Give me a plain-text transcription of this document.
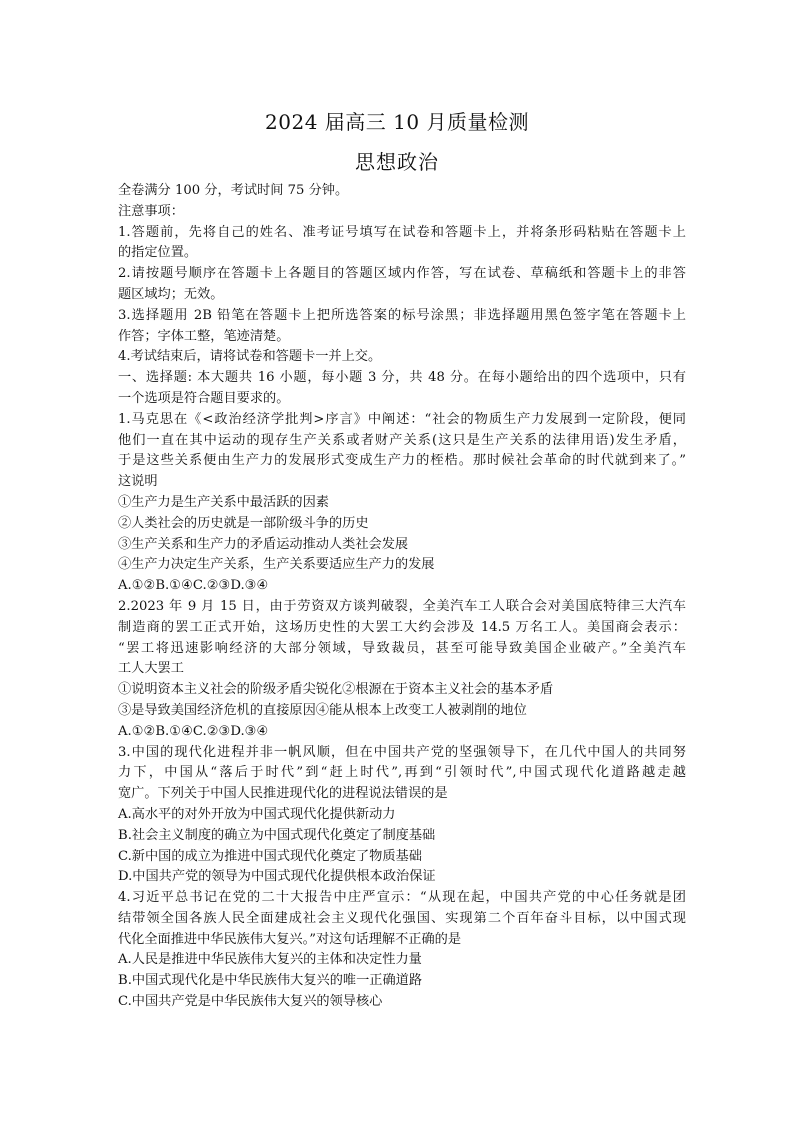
2024 届高三 10 月质量检测
思想政治
全卷满分 100 分，考试时间 75 分钟。
注意事项：
1.答题前，先将自己的姓名、准考证号填写在试卷和答题卡上，并将条形码粘贴在答题卡上
的指定位置。
2.请按题号顺序在答题卡上各题目的答题区域内作答，写在试卷、草稿纸和答题卡上的非答
题区域均；无效。
3.选择题用 2B 铅笔在答题卡上把所选答案的标号涂黑；非选择题用黑色签字笔在答题卡上
作答；字体工整，笔迹清楚。
4.考试结束后，请将试卷和答题卡一并上交。
一、选择题: 本大题共 16 小题，每小题 3 分，共 48 分。在每小题给出的四个选项中，只有
一个选项是符合题目要求的。
1.马克思在《<政治经济学批判>序言》中阐述：“社会的物质生产力发展到一定阶段，便同
他们一直在其中运动的现存生产关系或者财产关系(这只是生产关系的法律用语)发生矛盾，
于是这些关系便由生产力的发展形式变成生产力的桎梏。那时候社会革命的时代就到来了。”
这说明
①生产力是生产关系中最活跃的因素
②人类社会的历史就是一部阶级斗争的历史
③生产关系和生产力的矛盾运动推动人类社会发展
④生产力决定生产关系，生产关系要适应生产力的发展
A.①②B.①④C.②③D.③④
2.2023 年 9 月 15 日，由于劳资双方谈判破裂，全美汽车工人联合会对美国底特律三大汽车
制造商的罢工正式开始，这场历史性的大罢工大约会涉及 14.5 万名工人。美国商会表示：
“罢工将迅速影响经济的大部分领域，导致裁员，甚至可能导致美国企业破产。”全美汽车
工人大罢工
①说明资本主义社会的阶级矛盾尖锐化②根源在于资本主义社会的基本矛盾
③是导致美国经济危机的直接原因④能从根本上改变工人被剥削的地位
A.①②B.①④C.②③D.③④
3.中国的现代化进程并非一帆风顺，但在中国共产党的坚强领导下，在几代中国人的共同努
力下，中国从“落后于时代”到“赶上时代”,再到“引领时代”,中国式现代化道路越走越
宽广。下列关于中国人民推进现代化的进程说法错误的是
A.高水平的对外开放为中国式现代化提供新动力
B.社会主义制度的确立为中国式现代化奠定了制度基础
C.新中国的成立为推进中国式现代化奠定了物质基础
D.中国共产党的领导为中国式现代化提供根本政治保证
4.习近平总书记在党的二十大报告中庄严宣示：“从现在起，中国共产党的中心任务就是团
结带领全国各族人民全面建成社会主义现代化强国、实现第二个百年奋斗目标，以中国式现
代化全面推进中华民族伟大复兴。”对这句话理解不正确的是
A.人民是推进中华民族伟大复兴的主体和决定性力量
B.中国式现代化是中华民族伟大复兴的唯一正确道路
C.中国共产党是中华民族伟大复兴的领导核心
